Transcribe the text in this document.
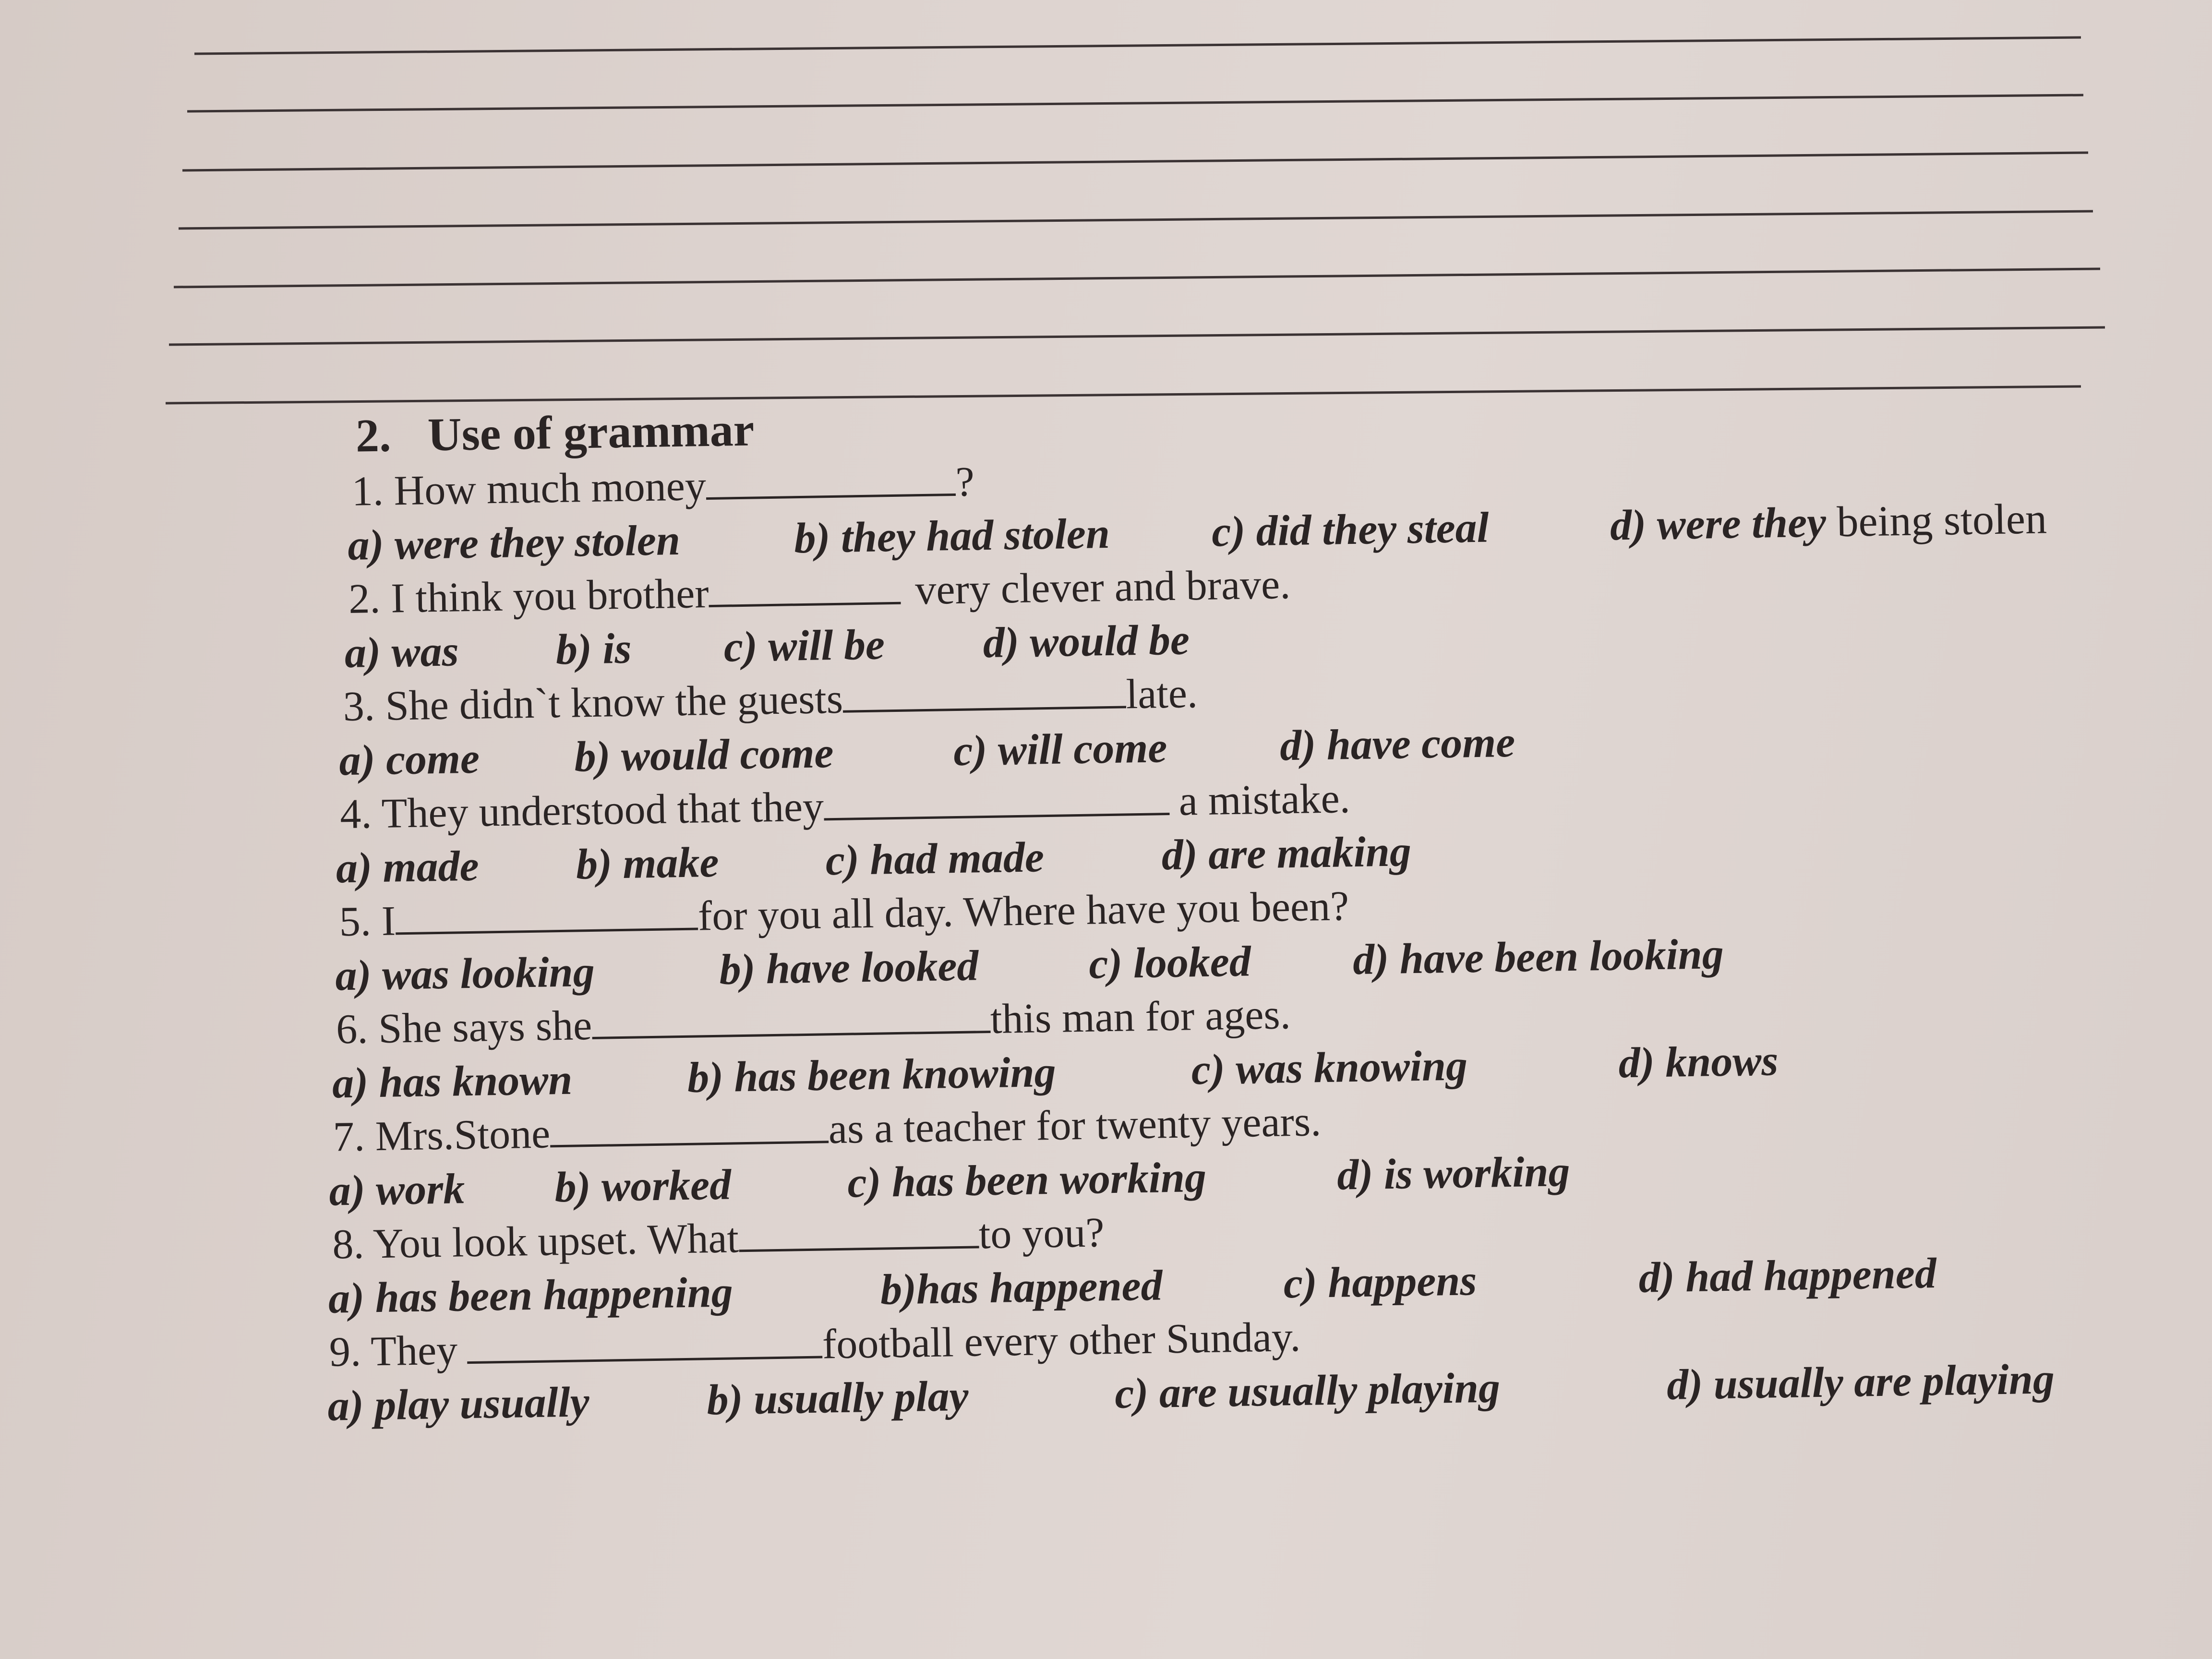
2. Use of grammar
1. How much money	?
a) were they stolen	b) they had stolen c) did they steal	d) were they being stolen
2. I think you brother	very clever and brave.
a) was b) is c) will be d) would be
3. She didn`t know the guests	late.
a) come b) would come	c) will come	d) have come
4. They understood that they	a mistake.
a) made b) make c) had made	d) are making
5. I	for you all day. Where have you been?
a) was looking	b) have looked	c) looked d) have been looking
6. She says she	this man for ages.
a) has known	b) has been knowing	c) was knowing	d) knows
7. Mrs.Stone	as a teacher for twenty years.
a) work b) worked	c) has been working	d) is working
8. You look upset. What	to you?
a) has been happening	b)has happened	c) happens	d) had happened
9. They	football every other Sunday.
a) play usually	b) usually play	c) are usually playing	d) usually are playing
